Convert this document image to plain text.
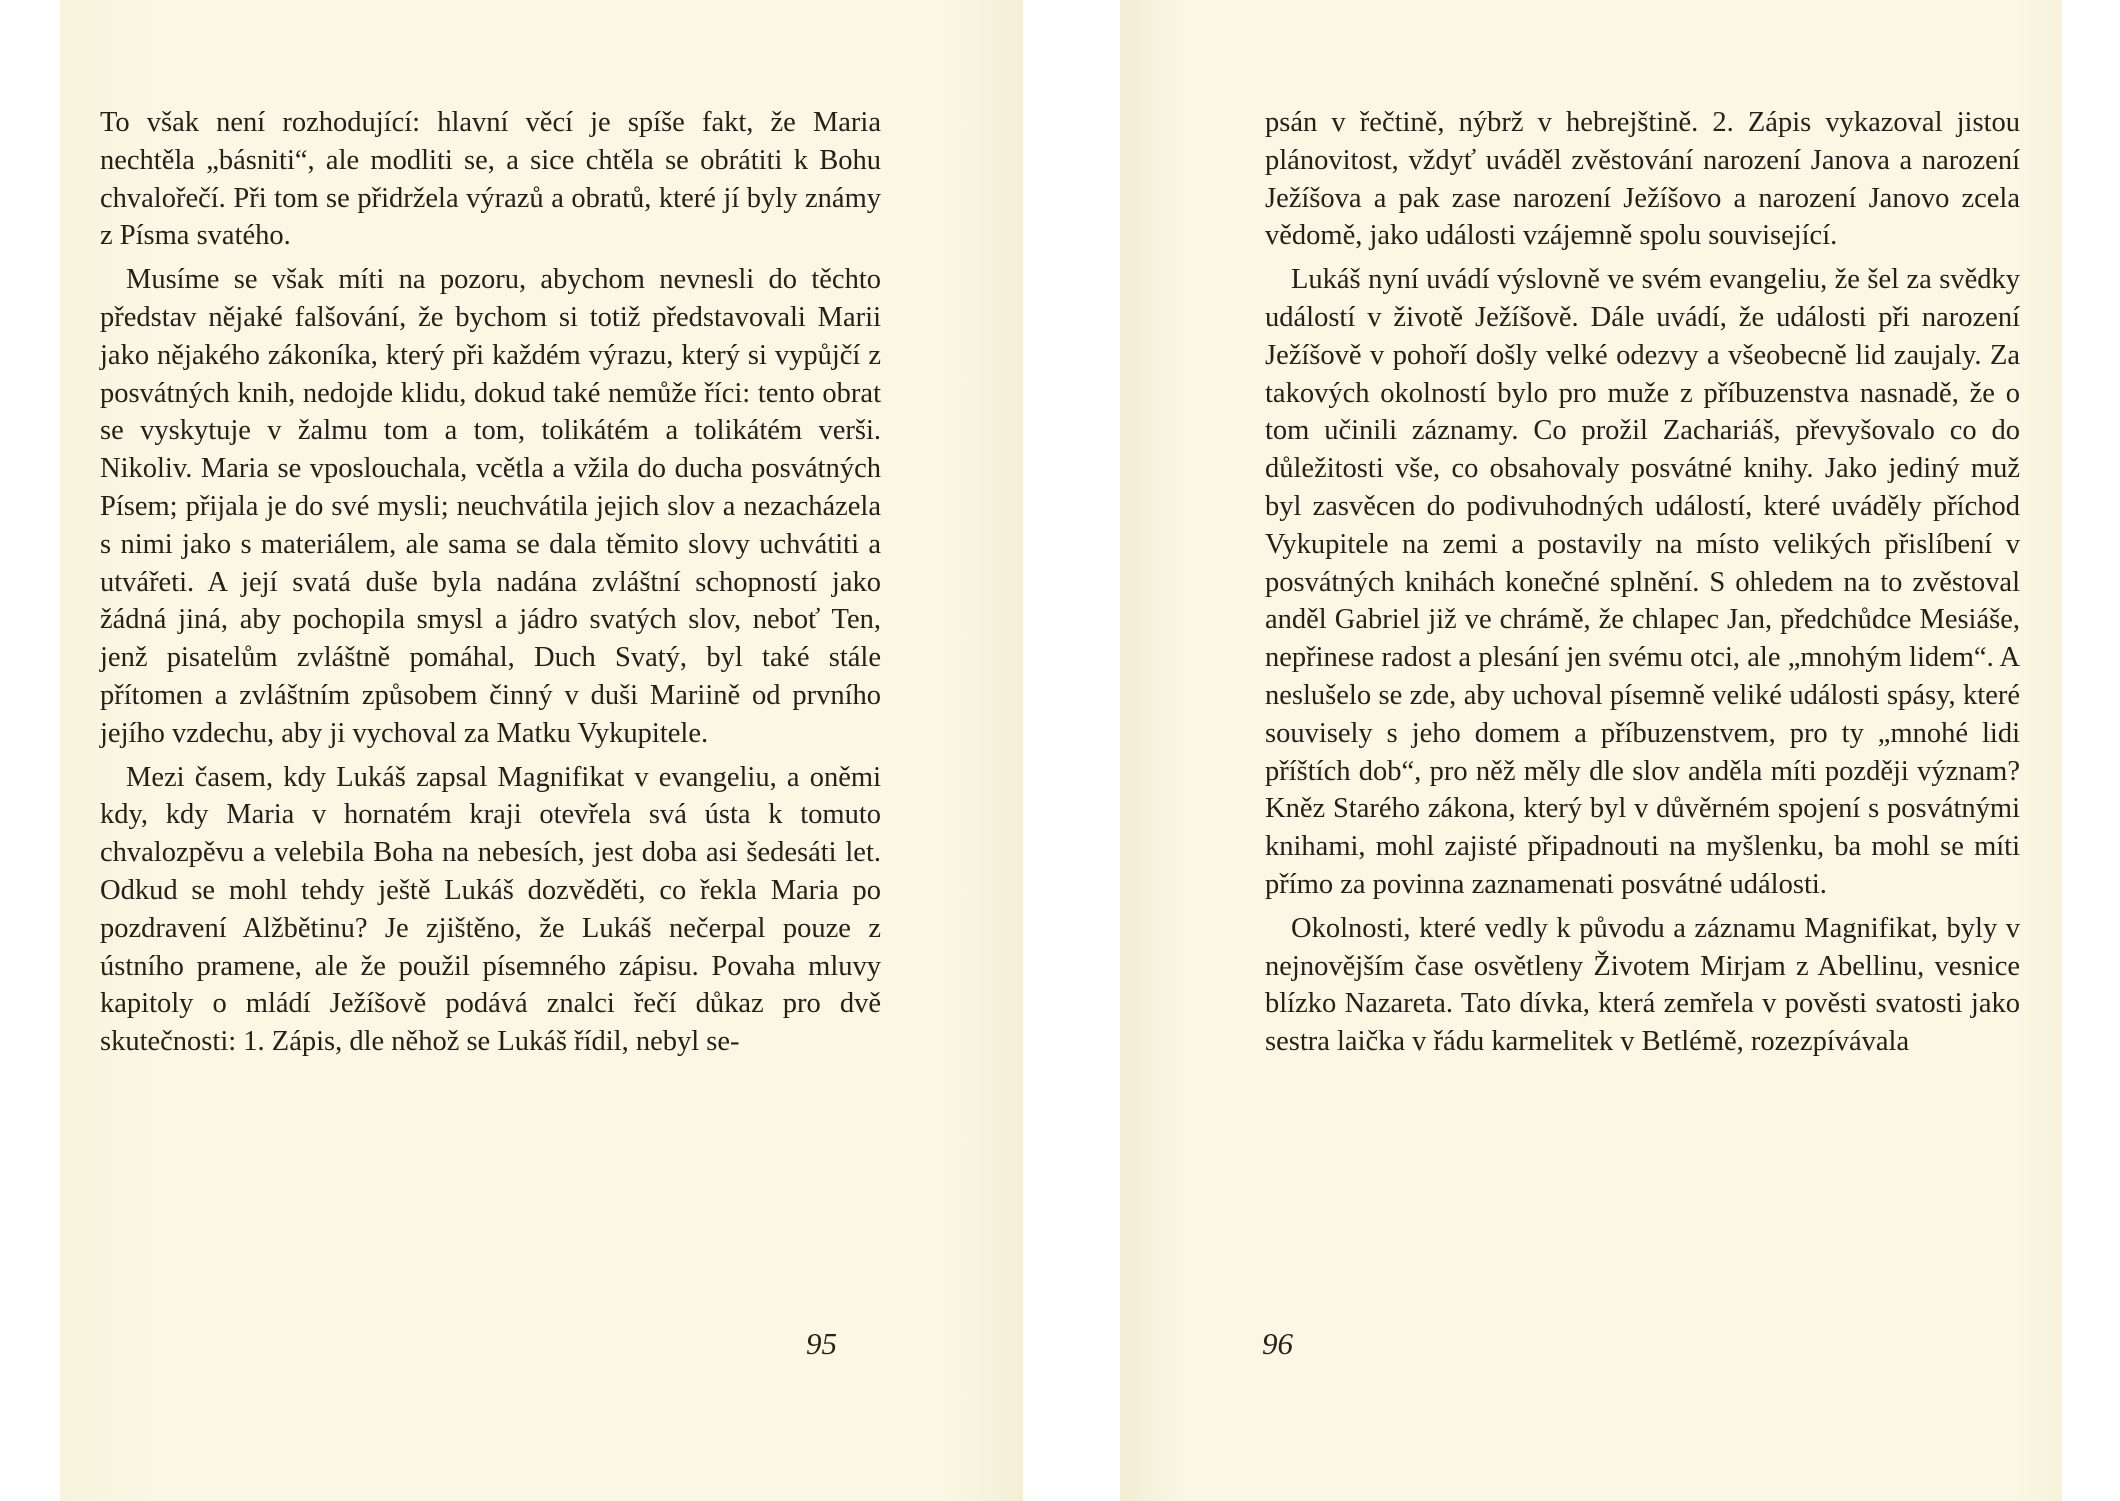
To však není rozhodující: hlavní věcí je spíše fakt, že Maria nechtěla „básniti“, ale modliti se, a sice chtěla se obrátiti k Bohu chvalořečí. Při tom se přidržela výrazů a obratů, které jí byly známy z Písma svatého.

Musíme se však míti na pozoru, abychom nevnesli do těchto představ nějaké falšování, že bychom si totiž představovali Marii jako nějakého zákoníka, který při každém výrazu, který si vypůjčí z posvátných knih, nedojde klidu, dokud také nemůže říci: tento obrat se vyskytuje v žalmu tom a tom, tolikátém a tolikátém verši. Nikoliv. Maria se vposlouchala, vcětla a vžila do ducha posvátných Písem; přijala je do své mysli; neuchvátila jejich slov a nezacházela s nimi jako s materiálem, ale sama se dala těmito slovy uchvátiti a utvářeti. A její svatá duše byla nadána zvláštní schopností jako žádná jiná, aby pochopila smysl a jádro svatých slov, neboť Ten, jenž pisatelům zvláštně pomáhal, Duch Svatý, byl také stále přítomen a zvláštním způsobem činný v duši Mariině od prvního jejího vzdechu, aby ji vychoval za Matku Vykupitele.

Mezi časem, kdy Lukáš zapsal Magnifikat v evangeliu, a oněmi kdy, kdy Maria v hornatém kraji otevřela svá ústa k tomuto chvalozpěvu a velebila Boha na nebesích, jest doba asi šedesáti let. Odkud se mohl tehdy ještě Lukáš dozvěděti, co řekla Maria po pozdravení Alžbětinu? Je zjištěno, že Lukáš nečerpal pouze z ústního pramene, ale že použil písemného zápisu. Povaha mluvy kapitoly o mládí Ježíšově podává znalci řečí důkaz pro dvě skutečnosti: 1. Zápis, dle něhož se Lukáš řídil, nebyl se-

95

psán v řečtině, nýbrž v hebrejštině. 2. Zápis vykazoval jistou plánovitost, vždyť uváděl zvěstování narození Janova a narození Ježíšova a pak zase narození Ježíšovo a narození Janovo zcela vědomě, jako události vzájemně spolu související.

Lukáš nyní uvádí výslovně ve svém evangeliu, že šel za svědky událostí v životě Ježíšově. Dále uvádí, že události při narození Ježíšově v pohoří došly velké odezvy a všeobecně lid zaujaly. Za takových okolností bylo pro muže z příbuzenstva nasnadě, že o tom učinili záznamy. Co prožil Zachariáš, převyšovalo co do důležitosti vše, co obsahovaly posvátné knihy. Jako jediný muž byl zasvěcen do podivuhodných událostí, které uváděly příchod Vykupitele na zemi a postavily na místo velikých přislíbení v posvátných knihách konečné splnění. S ohledem na to zvěstoval anděl Gabriel již ve chrámě, že chlapec Jan, předchůdce Mesiáše, nepřinese radost a plesání jen svému otci, ale „mnohým lidem“. A neslušelo se zde, aby uchoval písemně veliké události spásy, které souvisely s jeho domem a příbuzenstvem, pro ty „mnohé lidi příštích dob“, pro něž měly dle slov anděla míti později význam? Kněz Starého zákona, který byl v důvěrném spojení s posvátnými knihami, mohl zajisté připadnouti na myšlenku, ba mohl se míti přímo za povinna zaznamenati posvátné události.

Okolnosti, které vedly k původu a záznamu Magnifikat, byly v nejnovějším čase osvětleny Životem Mirjam z Abellinu, vesnice blízko Nazareta. Tato dívka, která zemřela v pověsti svatosti jako sestra laička v řádu karmelitek v Betlémě, rozezpívávala

96
